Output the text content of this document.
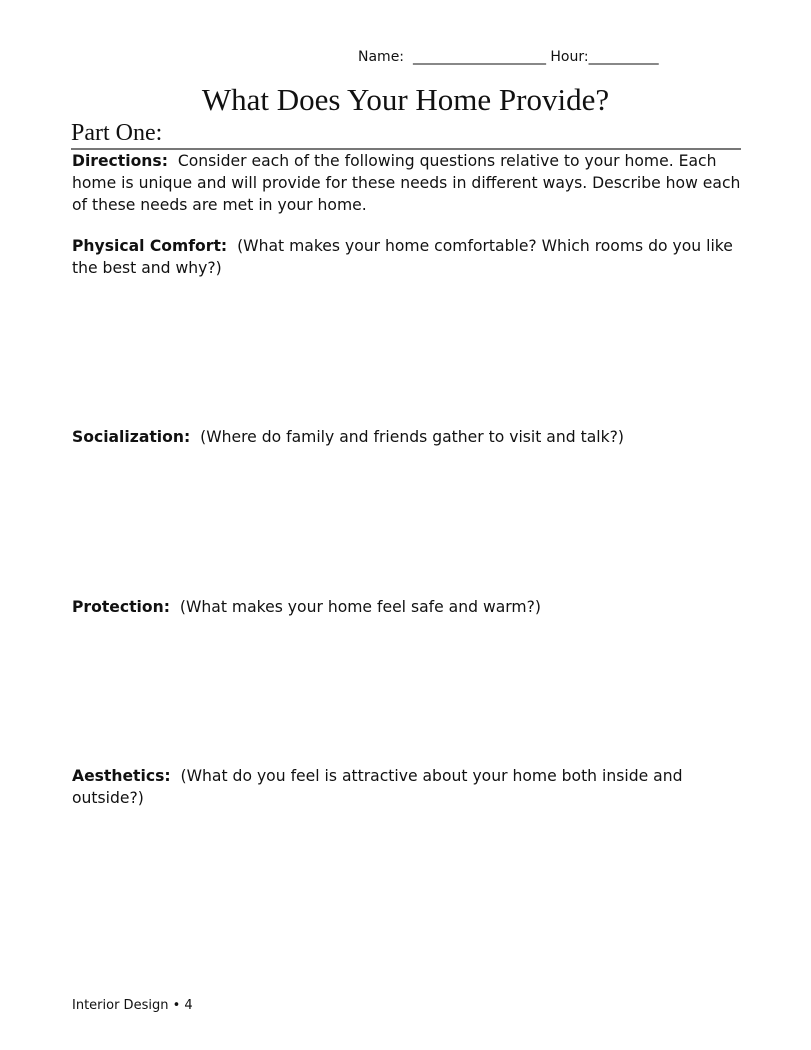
Name: ___________________ Hour:__________
What Does Your Home Provide?
Part One:
Directions: Consider each of the following questions relative to your home. Each home is unique and will provide for these needs in different ways. Describe how each of these needs are met in your home.
Physical Comfort: (What makes your home comfortable? Which rooms do you like the best and why?)
Socialization: (Where do family and friends gather to visit and talk?)
Protection: (What makes your home feel safe and warm?)
Aesthetics: (What do you feel is attractive about your home both inside and outside?)
Interior Design • 4
